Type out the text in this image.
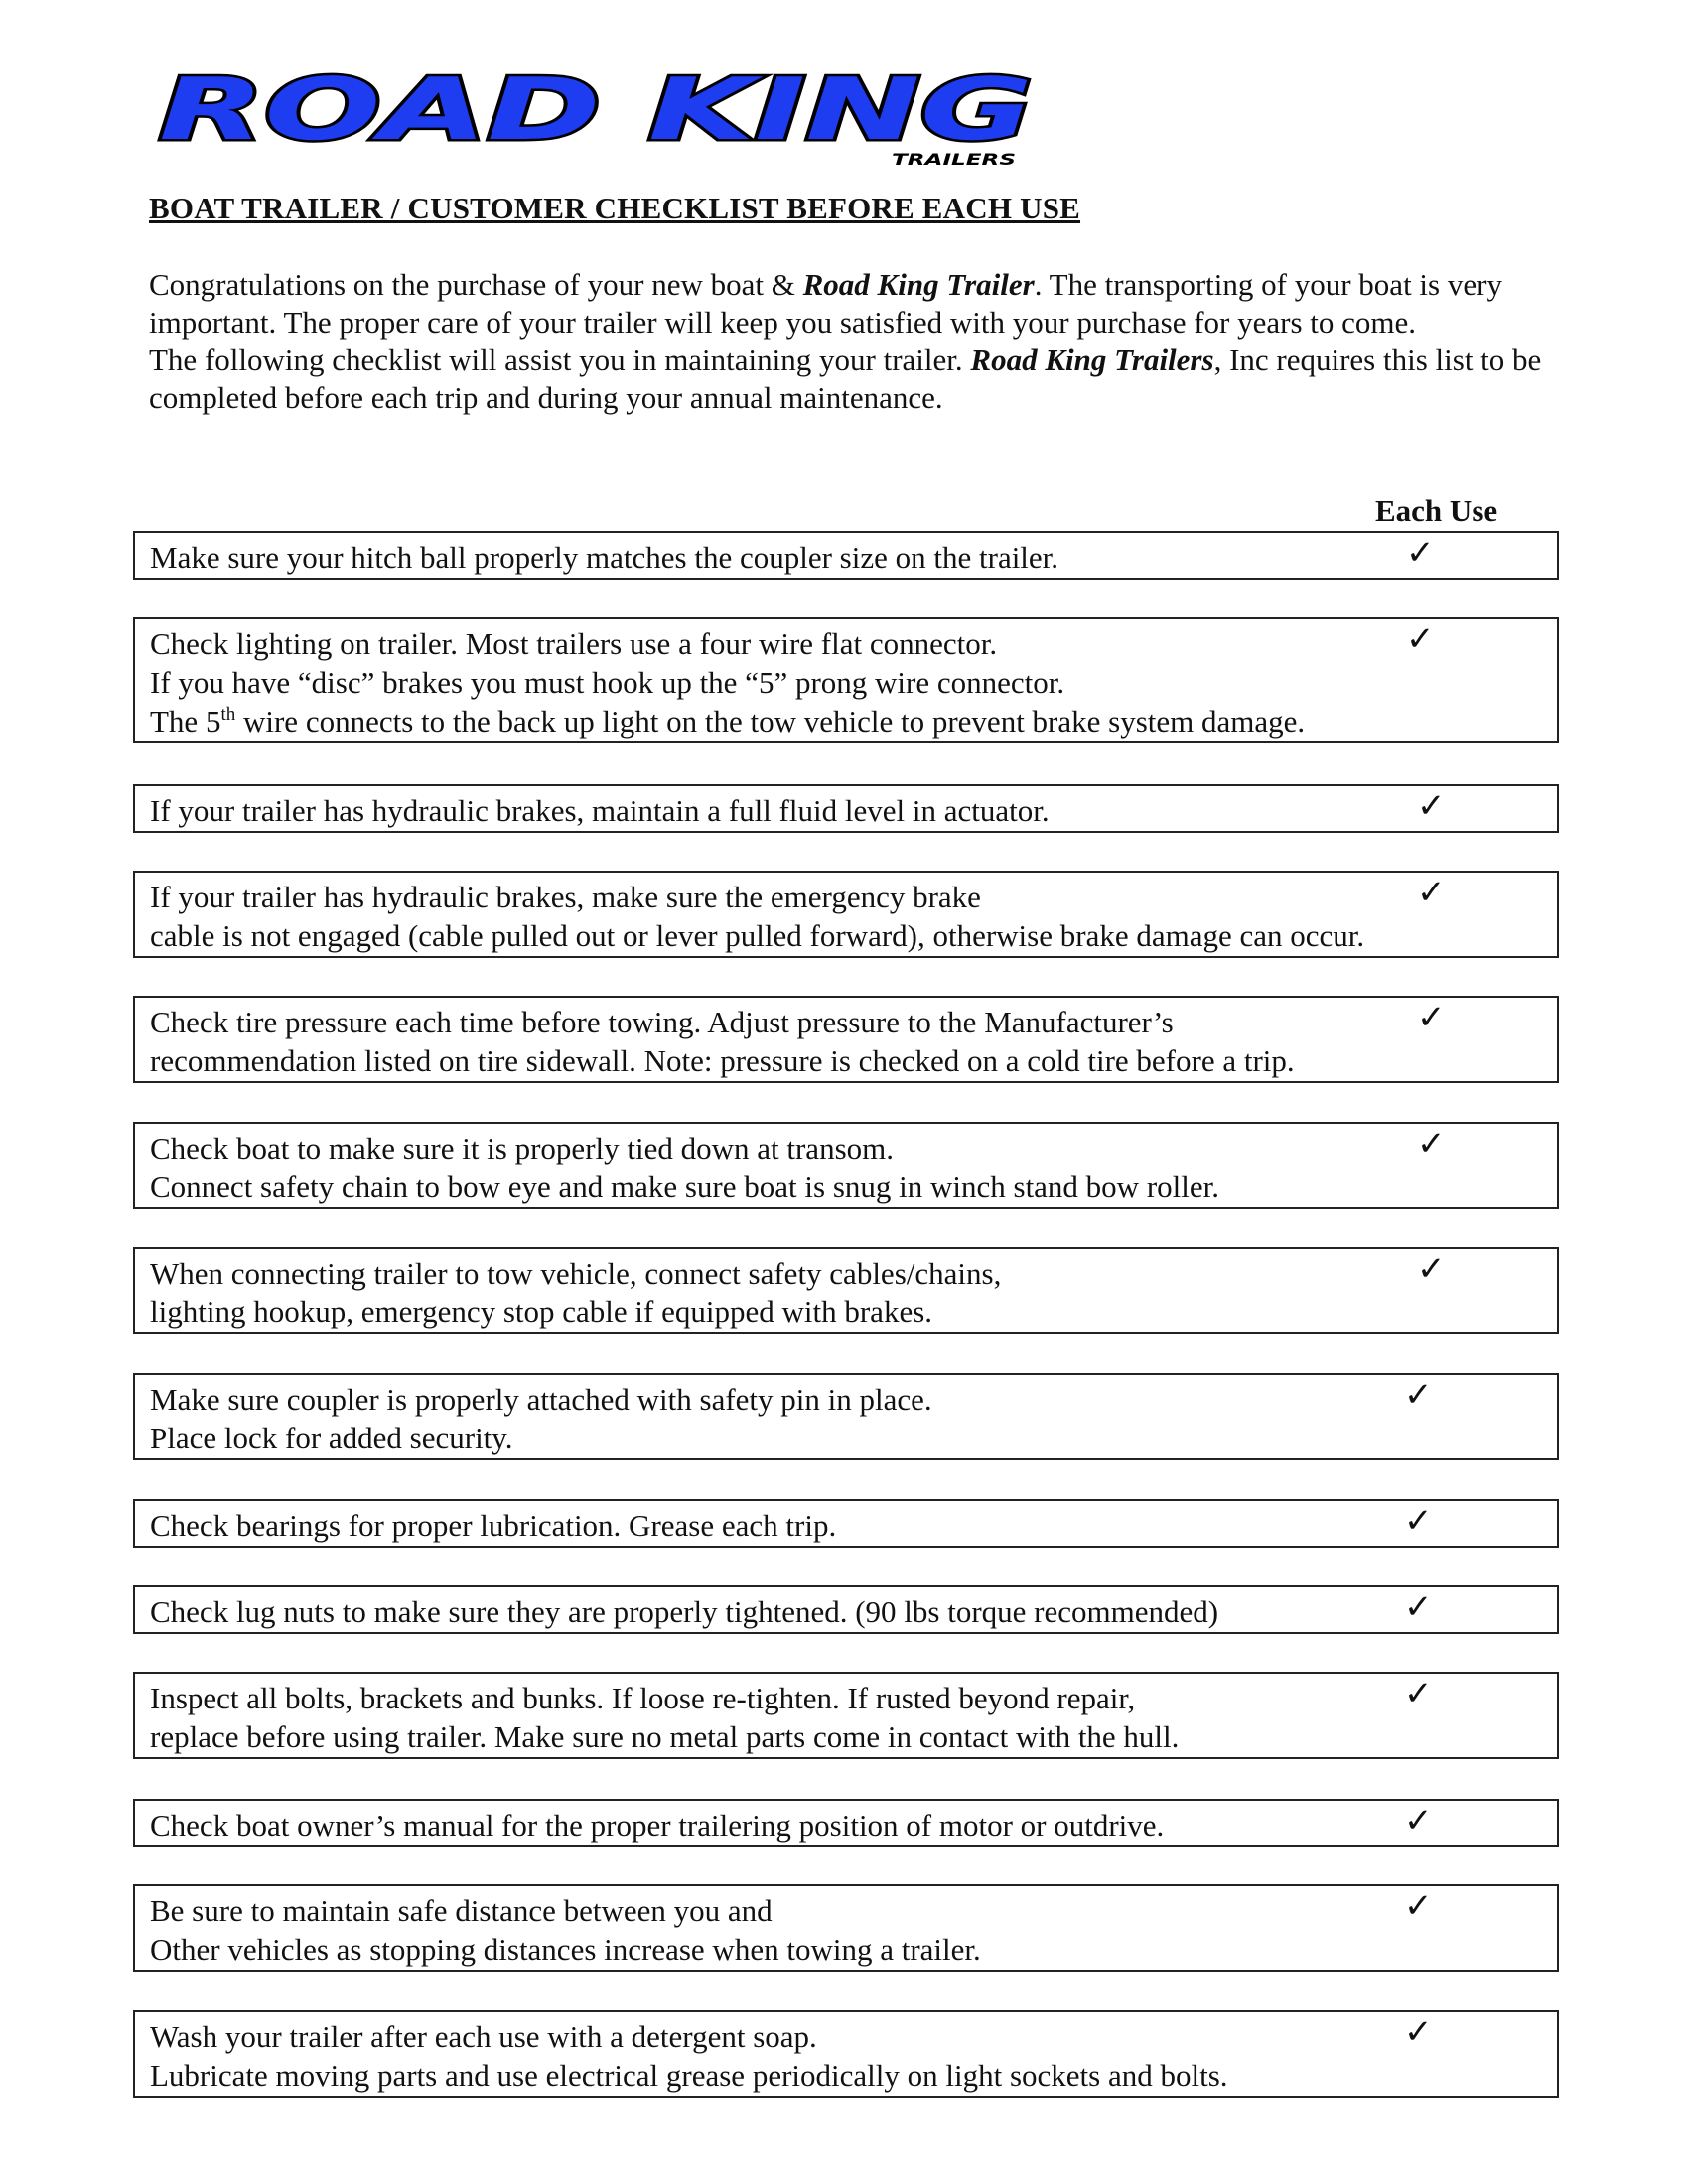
ROAD KING
TRAILERS
BOAT TRAILER / CUSTOMER CHECKLIST BEFORE EACH USE

Congratulations on the purchase of your new boat & Road King Trailer. The transporting of your boat is very important. The proper care of your trailer will keep you satisfied with your purchase for years to come.

The following checklist will assist you in maintaining your trailer. Road King Trailers, Inc requires this list to be completed before each trip and during your annual maintenance.

Each Use
Make sure your hitch ball properly matches the coupler size on the trailer.	✓
Check lighting on trailer. Most trailers use a four wire flat connector.
If you have “disc” brakes you must hook up the “5” prong wire connector.
The 5th wire connects to the back up light on the tow vehicle to prevent brake system damage.
✓
If your trailer has hydraulic brakes, maintain a full fluid level in actuator.	✓
If your trailer has hydraulic brakes, make sure the emergency brake
cable is not engaged (cable pulled out or lever pulled forward), otherwise brake damage can occur.
✓
Check tire pressure each time before towing. Adjust pressure to the Manufacturer’s
recommendation listed on tire sidewall. Note: pressure is checked on a cold tire before a trip.
✓
Check boat to make sure it is properly tied down at transom.
Connect safety chain to bow eye and make sure boat is snug in winch stand bow roller.
✓
When connecting trailer to tow vehicle, connect safety cables/chains,
lighting hookup, emergency stop cable if equipped with brakes.
✓
Make sure coupler is properly attached with safety pin in place.
Place lock for added security.
✓
Check bearings for proper lubrication. Grease each trip.	✓
Check lug nuts to make sure they are properly tightened. (90 lbs torque recommended)	✓
Inspect all bolts, brackets and bunks. If loose re-tighten. If rusted beyond repair,
replace before using trailer. Make sure no metal parts come in contact with the hull.
✓
Check boat owner’s manual for the proper trailering position of motor or outdrive.	✓
Be sure to maintain safe distance between you and
Other vehicles as stopping distances increase when towing a trailer.
✓
Wash your trailer after each use with a detergent soap.
Lubricate moving parts and use electrical grease periodically on light sockets and bolts.
✓
